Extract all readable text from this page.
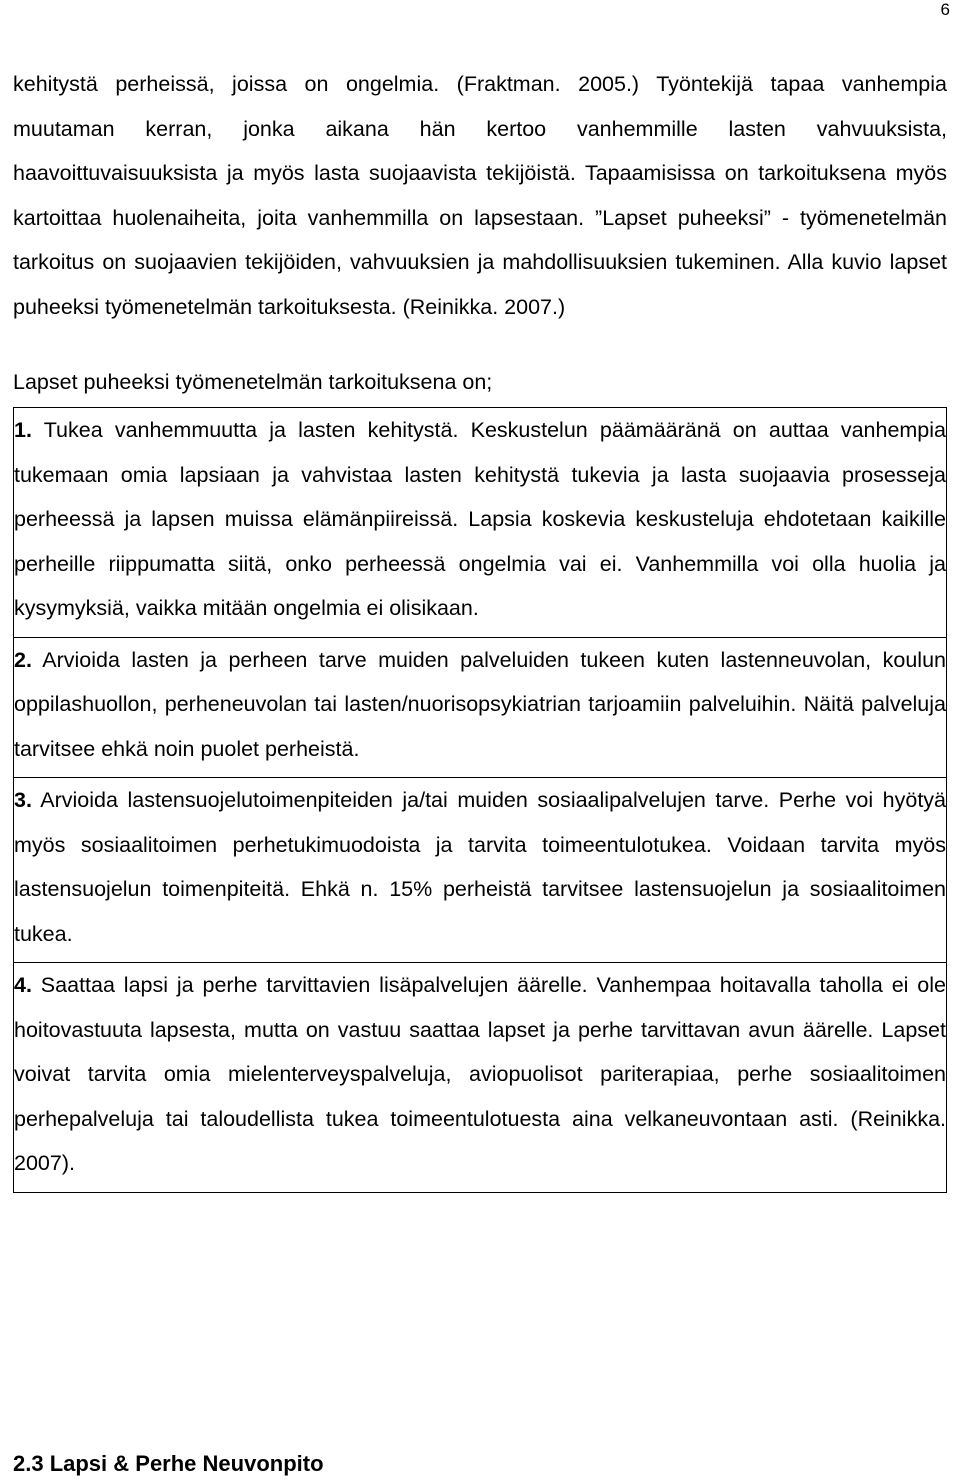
6

kehitystä perheissä, joissa on ongelmia. (Fraktman. 2005.) Työntekijä tapaa vanhempia muutaman kerran, jonka aikana hän kertoo vanhemmille lasten vahvuuksista, haavoittuvaisuuksista ja myös lasta suojaavista tekijöistä. Tapaamisissa on tarkoituksena myös kartoittaa huolenaiheita, joita vanhemmilla on lapsestaan. ”Lapset puheeksi” - työmenetelmän tarkoitus on suojaavien tekijöiden, vahvuuksien ja mahdollisuuksien tukeminen. Alla kuvio lapset puheeksi työmenetelmän tarkoituksesta. (Reinikka. 2007.)

Lapset puheeksi työmenetelmän tarkoituksena on;

1. Tukea vanhemmuutta ja lasten kehitystä. Keskustelun päämääränä on auttaa vanhempia tukemaan omia lapsiaan ja vahvistaa lasten kehitystä tukevia ja lasta suojaavia prosesseja perheessä ja lapsen muissa elämänpiireissä. Lapsia koskevia keskusteluja ehdotetaan kaikille perheille riippumatta siitä, onko perheessä ongelmia vai ei. Vanhemmilla voi olla huolia ja kysymyksiä, vaikka mitään ongelmia ei olisikaan.

2. Arvioida lasten ja perheen tarve muiden palveluiden tukeen kuten lastenneuvolan, koulun oppilashuollon, perheneuvolan tai lasten/nuorisopsykiatrian tarjoamiin palveluihin. Näitä palveluja tarvitsee ehkä noin puolet perheistä.

3. Arvioida lastensuojelutoimenpiteiden ja/tai muiden sosiaalipalvelujen tarve. Perhe voi hyötyä myös sosiaalitoimen perhetukimuodoista ja tarvita toimeentulotukea. Voidaan tarvita myös lastensuojelun toimenpiteitä. Ehkä n. 15% perheistä tarvitsee lastensuojelun ja sosiaalitoimen tukea.

4. Saattaa lapsi ja perhe tarvittavien lisäpalvelujen äärelle. Vanhempaa hoitavalla taholla ei ole hoitovastuuta lapsesta, mutta on vastuu saattaa lapset ja perhe tarvittavan avun äärelle. Lapset voivat tarvita omia mielenterveyspalveluja, aviopuolisot pariterapiaa, perhe sosiaalitoimen perhepalveluja tai taloudellista tukea toimeentulotuesta aina velkaneuvontaan asti. (Reinikka. 2007).

2.3 Lapsi & Perhe Neuvonpito
